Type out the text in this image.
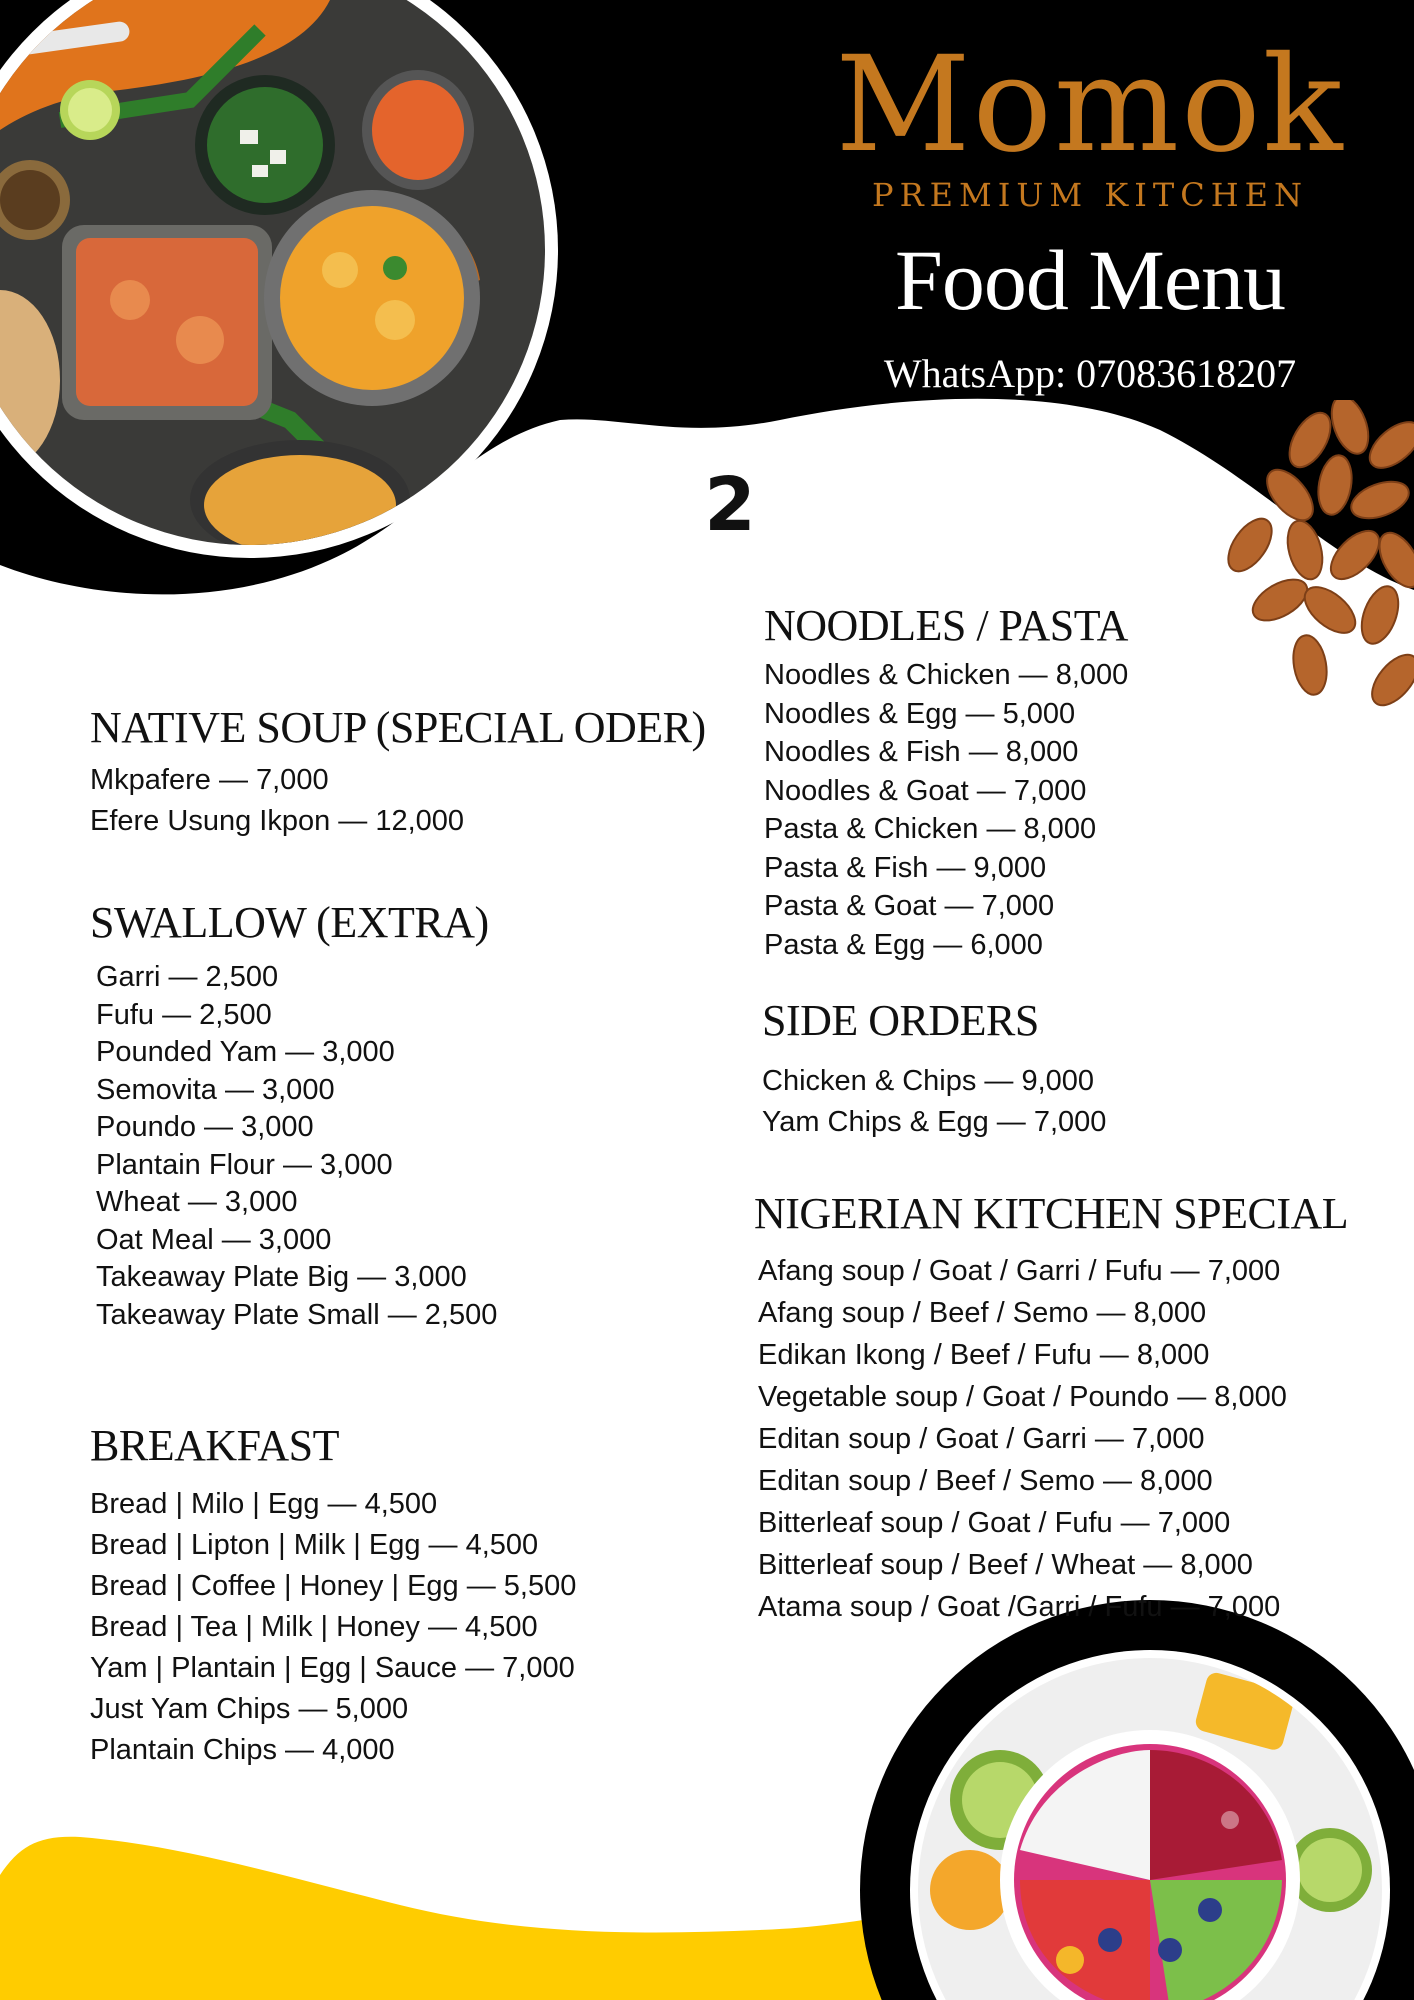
Momok
PREMIUM KITCHEN
Food Menu
WhatsApp: 07083618207
2
NATIVE SOUP (SPECIAL ODER)
Mkpafere — 7,000
Efere Usung Ikpon — 12,000
SWALLOW (EXTRA)
Garri — 2,500
Fufu — 2,500
Pounded Yam — 3,000
Semovita — 3,000
Poundo — 3,000
Plantain Flour — 3,000
Wheat — 3,000
Oat Meal — 3,000
Takeaway Plate Big — 3,000
Takeaway Plate Small — 2,500
BREAKFAST
Bread | Milo | Egg — 4,500
Bread | Lipton | Milk | Egg — 4,500
Bread | Coffee | Honey | Egg — 5,500
Bread | Tea | Milk | Honey — 4,500
Yam | Plantain | Egg | Sauce — 7,000
Just Yam Chips — 5,000
Plantain Chips — 4,000
NOODLES / PASTA
Noodles & Chicken — 8,000
Noodles & Egg — 5,000
Noodles & Fish — 8,000
Noodles & Goat — 7,000
Pasta & Chicken — 8,000
Pasta & Fish — 9,000
Pasta & Goat — 7,000
Pasta & Egg — 6,000
SIDE ORDERS
Chicken & Chips — 9,000
Yam Chips & Egg — 7,000
NIGERIAN KITCHEN SPECIAL
Afang soup / Goat / Garri / Fufu — 7,000
Afang soup / Beef / Semo — 8,000
Edikan Ikong / Beef / Fufu — 8,000
Vegetable soup / Goat / Poundo — 8,000
Editan soup / Goat / Garri — 7,000
Editan soup / Beef / Semo — 8,000
Bitterleaf soup / Goat / Fufu — 7,000
Bitterleaf soup / Beef / Wheat — 8,000
Atama soup / Goat /Garri / Fufu — 7,000
